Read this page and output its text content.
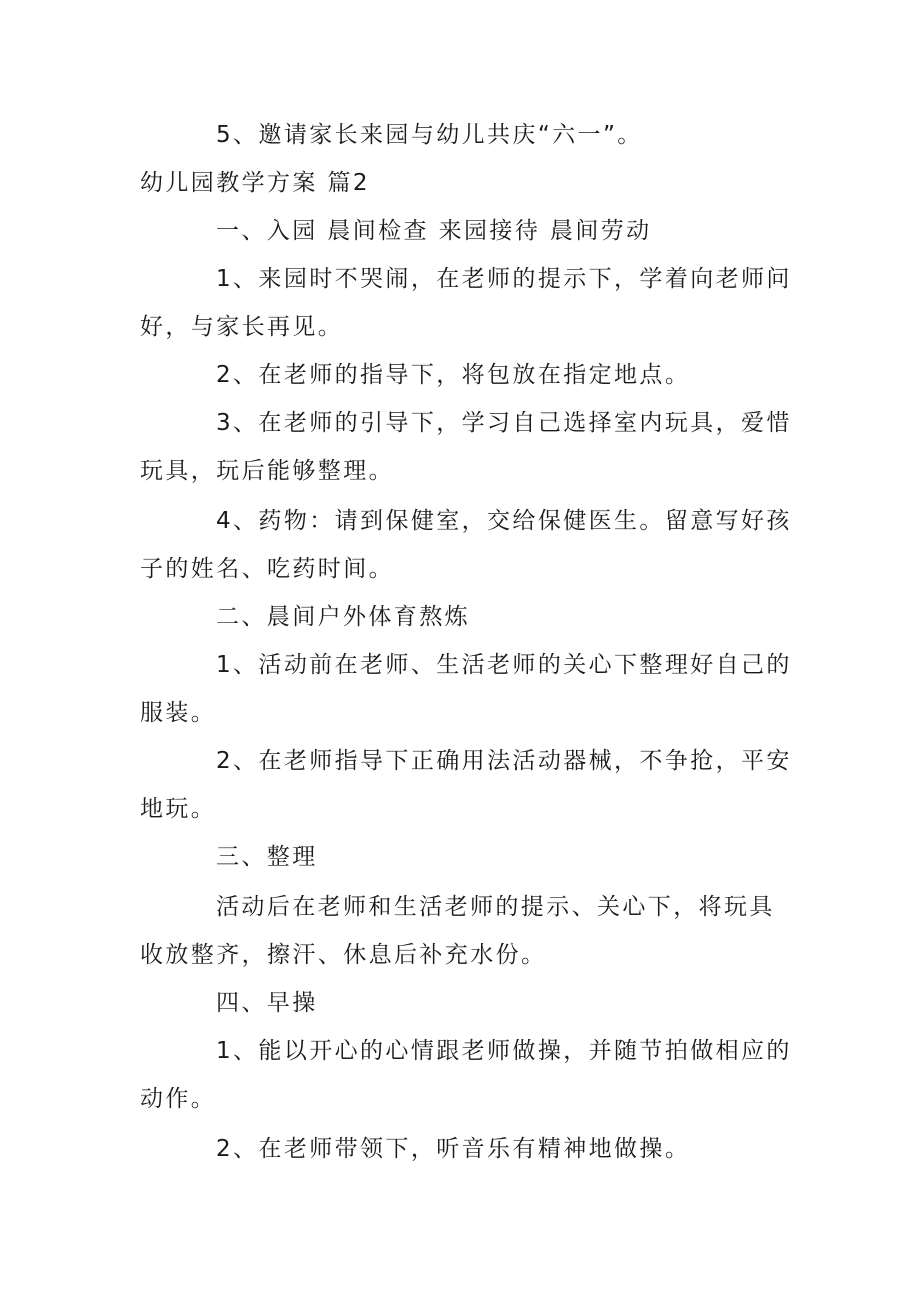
5、邀请家长来园与幼儿共庆“六一”。
幼儿园教学方案 篇2
一、入园 晨间检查 来园接待 晨间劳动
1、来园时不哭闹，在老师的提示下，学着向老师问
好，与家长再见。
2、在老师的指导下，将包放在指定地点。
3、在老师的引导下，学习自己选择室内玩具，爱惜
玩具，玩后能够整理。
4、药物：请到保健室，交给保健医生。留意写好孩
子的姓名、吃药时间。
二、晨间户外体育熬炼
1、活动前在老师、生活老师的关心下整理好自己的
服装。
2、在老师指导下正确用法活动器械，不争抢，平安
地玩。
三、整理
活动后在老师和生活老师的提示、关心下，将玩具
收放整齐，擦汗、休息后补充水份。
四、早操
1、能以开心的心情跟老师做操，并随节拍做相应的
动作。
2、在老师带领下，听音乐有精神地做操。
